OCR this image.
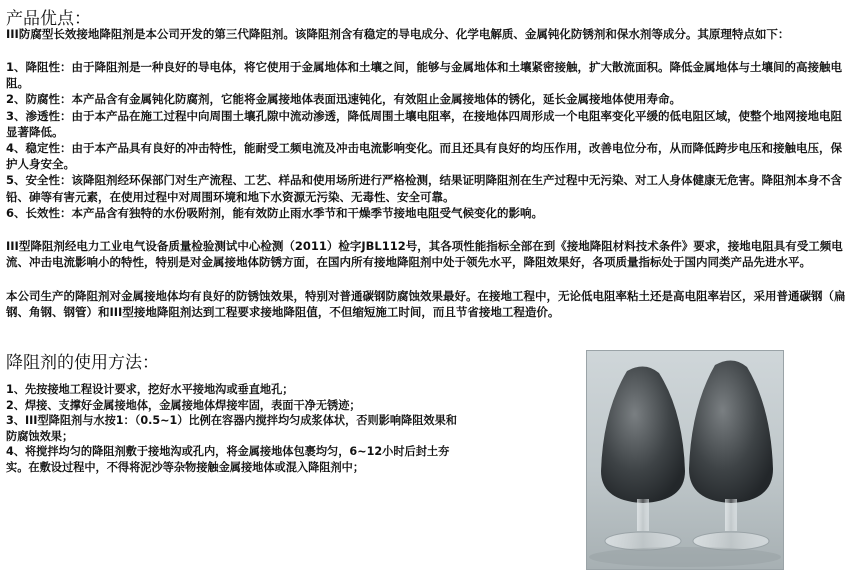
产品优点：

III防腐型长效接地降阻剂是本公司开发的第三代降阻剂。该降阻剂含有稳定的导电成分、化学电解质、金属钝化防锈剂和保水剂等成分。其原理特点如下：

1、降阻性：由于降阻剂是一种良好的导电体，将它使用于金属地体和土壤之间，能够与金属地体和土壤紧密接触，扩大散流面积。降低金属地体与土壤间的高接触电阻。

2、防腐性：本产品含有金属钝化防腐剂，它能将金属接地体表面迅速钝化，有效阻止金属接地体的锈化，延长金属接地体使用寿命。

3、渗透性：由于本产品在施工过程中向周围土壤孔隙中流动渗透，降低周围土壤电阻率，在接地体四周形成一个电阻率变化平缓的低电阻区域，使整个地网接地电阻显著降低。

4、稳定性：由于本产品具有良好的冲击特性，能耐受工频电流及冲击电流影响变化。而且还具有良好的均压作用，改善电位分布，从而降低跨步电压和接触电压，保护人身安全。

5、安全性：该降阻剂经环保部门对生产流程、工艺、样品和使用场所进行严格检测，结果证明降阻剂在生产过程中无污染、对工人身体健康无危害。降阻剂本身不含铅、砷等有害元素，在使用过程中对周围环境和地下水资源无污染、无毒性、安全可靠。

6、长效性：本产品含有独特的水份吸附剂，能有效防止雨水季节和干燥季节接地电阻受气候变化的影响。

III型降阻剂经电力工业电气设备质量检验测试中心检测（2011）检字JBL112号，其各项性能指标全部在到《接地降阻材料技术条件》要求，接地电阻具有受工频电流、冲击电流影响小的特性，特别是对金属接地体防锈方面，在国内所有接地降阻剂中处于领先水平，降阻效果好，各项质量指标处于国内同类产品先进水平。

本公司生产的降阻剂对金属接地体均有良好的防锈蚀效果，特别对普通碳钢防腐蚀效果最好。在接地工程中，无论低电阻率粘土还是高电阻率岩区，采用普通碳钢（扁钢、角钢、钢管）和III型接地降阻剂达到工程要求接地降阻值，不但缩短施工时间，而且节省接地工程造价。

降阻剂的使用方法：

1、先按接地工程设计要求，挖好水平接地沟或垂直地孔；

2、焊接、支撑好金属接地体，金属接地体焊接牢固，表面干净无锈迹；

3、III型降阻剂与水按1：（0.5~1）比例在容器内搅拌均匀成浆体状，否则影响降阻效果和防腐蚀效果；

4、将搅拌均匀的降阻剂敷于接地沟或孔内，将金属接地体包裹均匀，6~12小时后封土夯实。在敷设过程中，不得将泥沙等杂物接触金属接地体或混入降阻剂中；
